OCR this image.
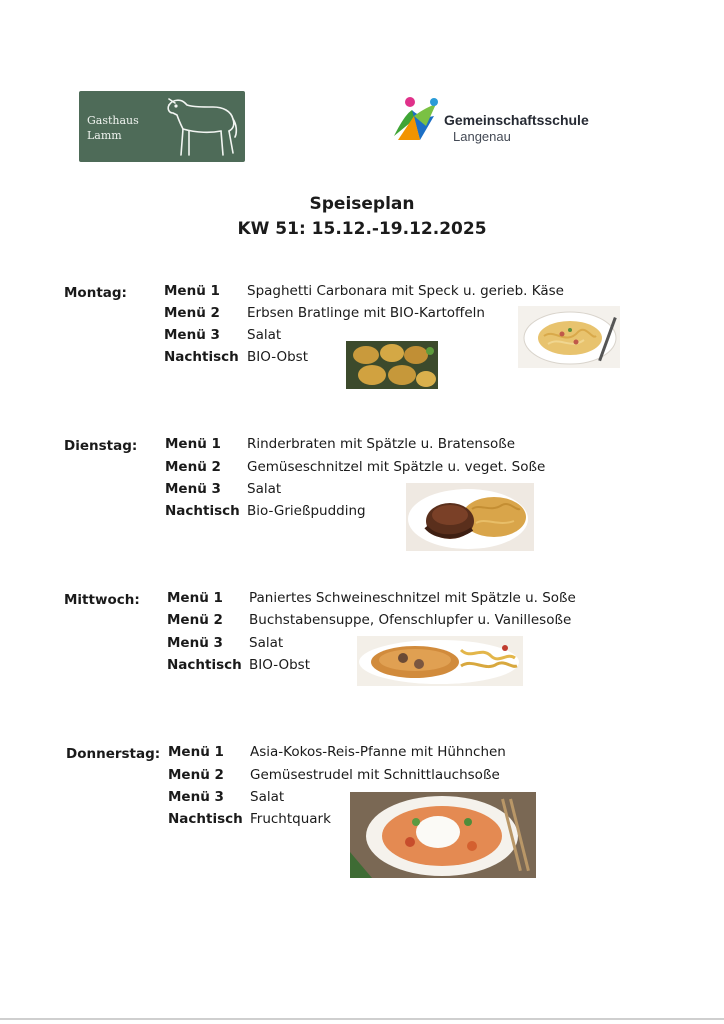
Gasthaus
Lamm
Gemeinschaftsschule
Langenau
Speiseplan
KW 51: 15.12.-19.12.2025
Montag:	Menü 1 Spaghetti Carbonara mit Speck u. gerieb. Käse
Menü 2 Erbsen Bratlinge mit BIO-Kartoffeln
Menü 3 Salat
Nachtisch BIO-Obst
Dienstag: Menü 1 Rinderbraten mit Spätzle u. Bratensoße
Menü 2 Gemüseschnitzel mit Spätzle u. veget. Soße
Menü 3 Salat
Nachtisch Bio-Grießpudding
Mittwoch: Menü 1 Paniertes Schweineschnitzel mit Spätzle u. Soße
Menü 2 Buchstabensuppe, Ofenschlupfer u. Vanillesoße
Menü 3 Salat
Nachtisch BIO-Obst
Donnerstag: Menü 1 Asia-Kokos-Reis-Pfanne mit Hühnchen
Menü 2 Gemüsestrudel mit Schnittlauchsoße
Menü 3 Salat
Nachtisch Fruchtquark
